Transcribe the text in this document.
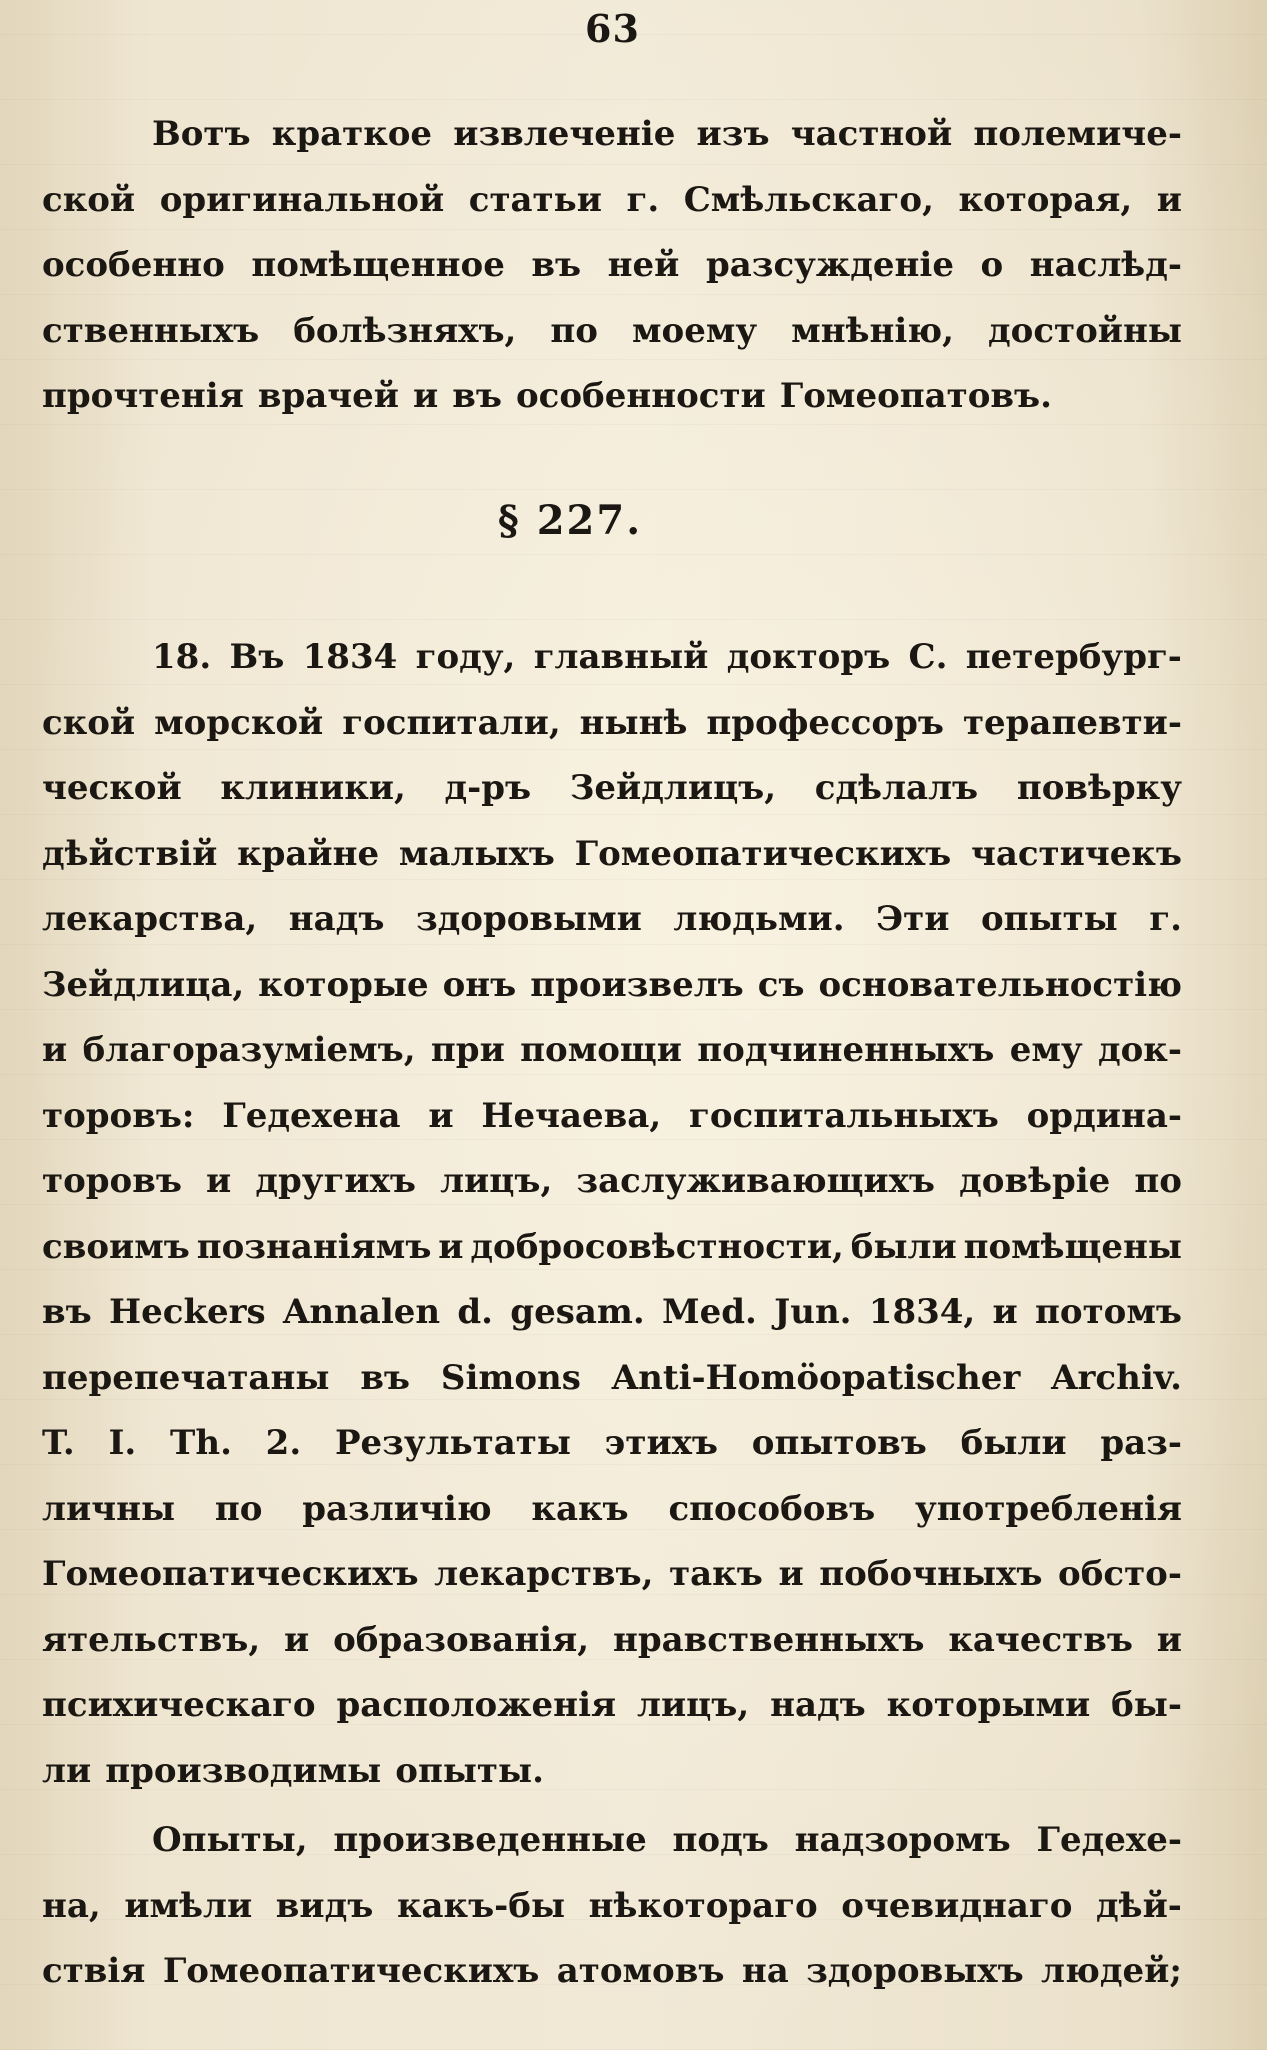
63
Вотъ краткое извлеченіе изъ частной полемиче-
ской оригинальной статьи г. Смѣльскаго, которая, и
особенно помѣщенное въ ней разсужденіе о наслѣд-
ственныхъ болѣзняхъ, по моему мнѣнію, достойны
прочтенія врачей и въ особенности Гомеопатовъ.
§ 227.
18. Въ 1834 году, главный докторъ С. петербург-
ской морской госпитали, нынѣ профессоръ терапевти-
ческой клиники, д-ръ Зейдлицъ, сдѣлалъ повѣрку
дѣйствій крайне малыхъ Гомеопатическихъ частичекъ
лекарства, надъ здоровыми людьми. Эти опыты г.
Зейдлица, которые онъ произвелъ съ основательностію
и благоразуміемъ, при помощи подчиненныхъ ему док-
торовъ: Гедехена и Нечаева, госпитальныхъ ордина-
торовъ и другихъ лицъ, заслуживающихъ довѣріе по
своимъ познаніямъ и добросовѣстности, были помѣщены
въ Heckers Annalen d. gesam. Med. Jun. 1834, и потомъ
перепечатаны въ Simons Anti-Homöopatischer Archiv.
T. I. Th. 2. Результаты этихъ опытовъ были раз-
личны по различію какъ способовъ употребленія
Гомеопатическихъ лекарствъ, такъ и побочныхъ обсто-
ятельствъ, и образованія, нравственныхъ качествъ и
психическаго расположенія лицъ, надъ которыми бы-
ли производимы опыты.
Опыты, произведенные подъ надзоромъ Гедехе-
на, имѣли видъ какъ-бы нѣкотораго очевиднаго дѣй-
ствія Гомеопатическихъ атомовъ на здоровыхъ людей;
